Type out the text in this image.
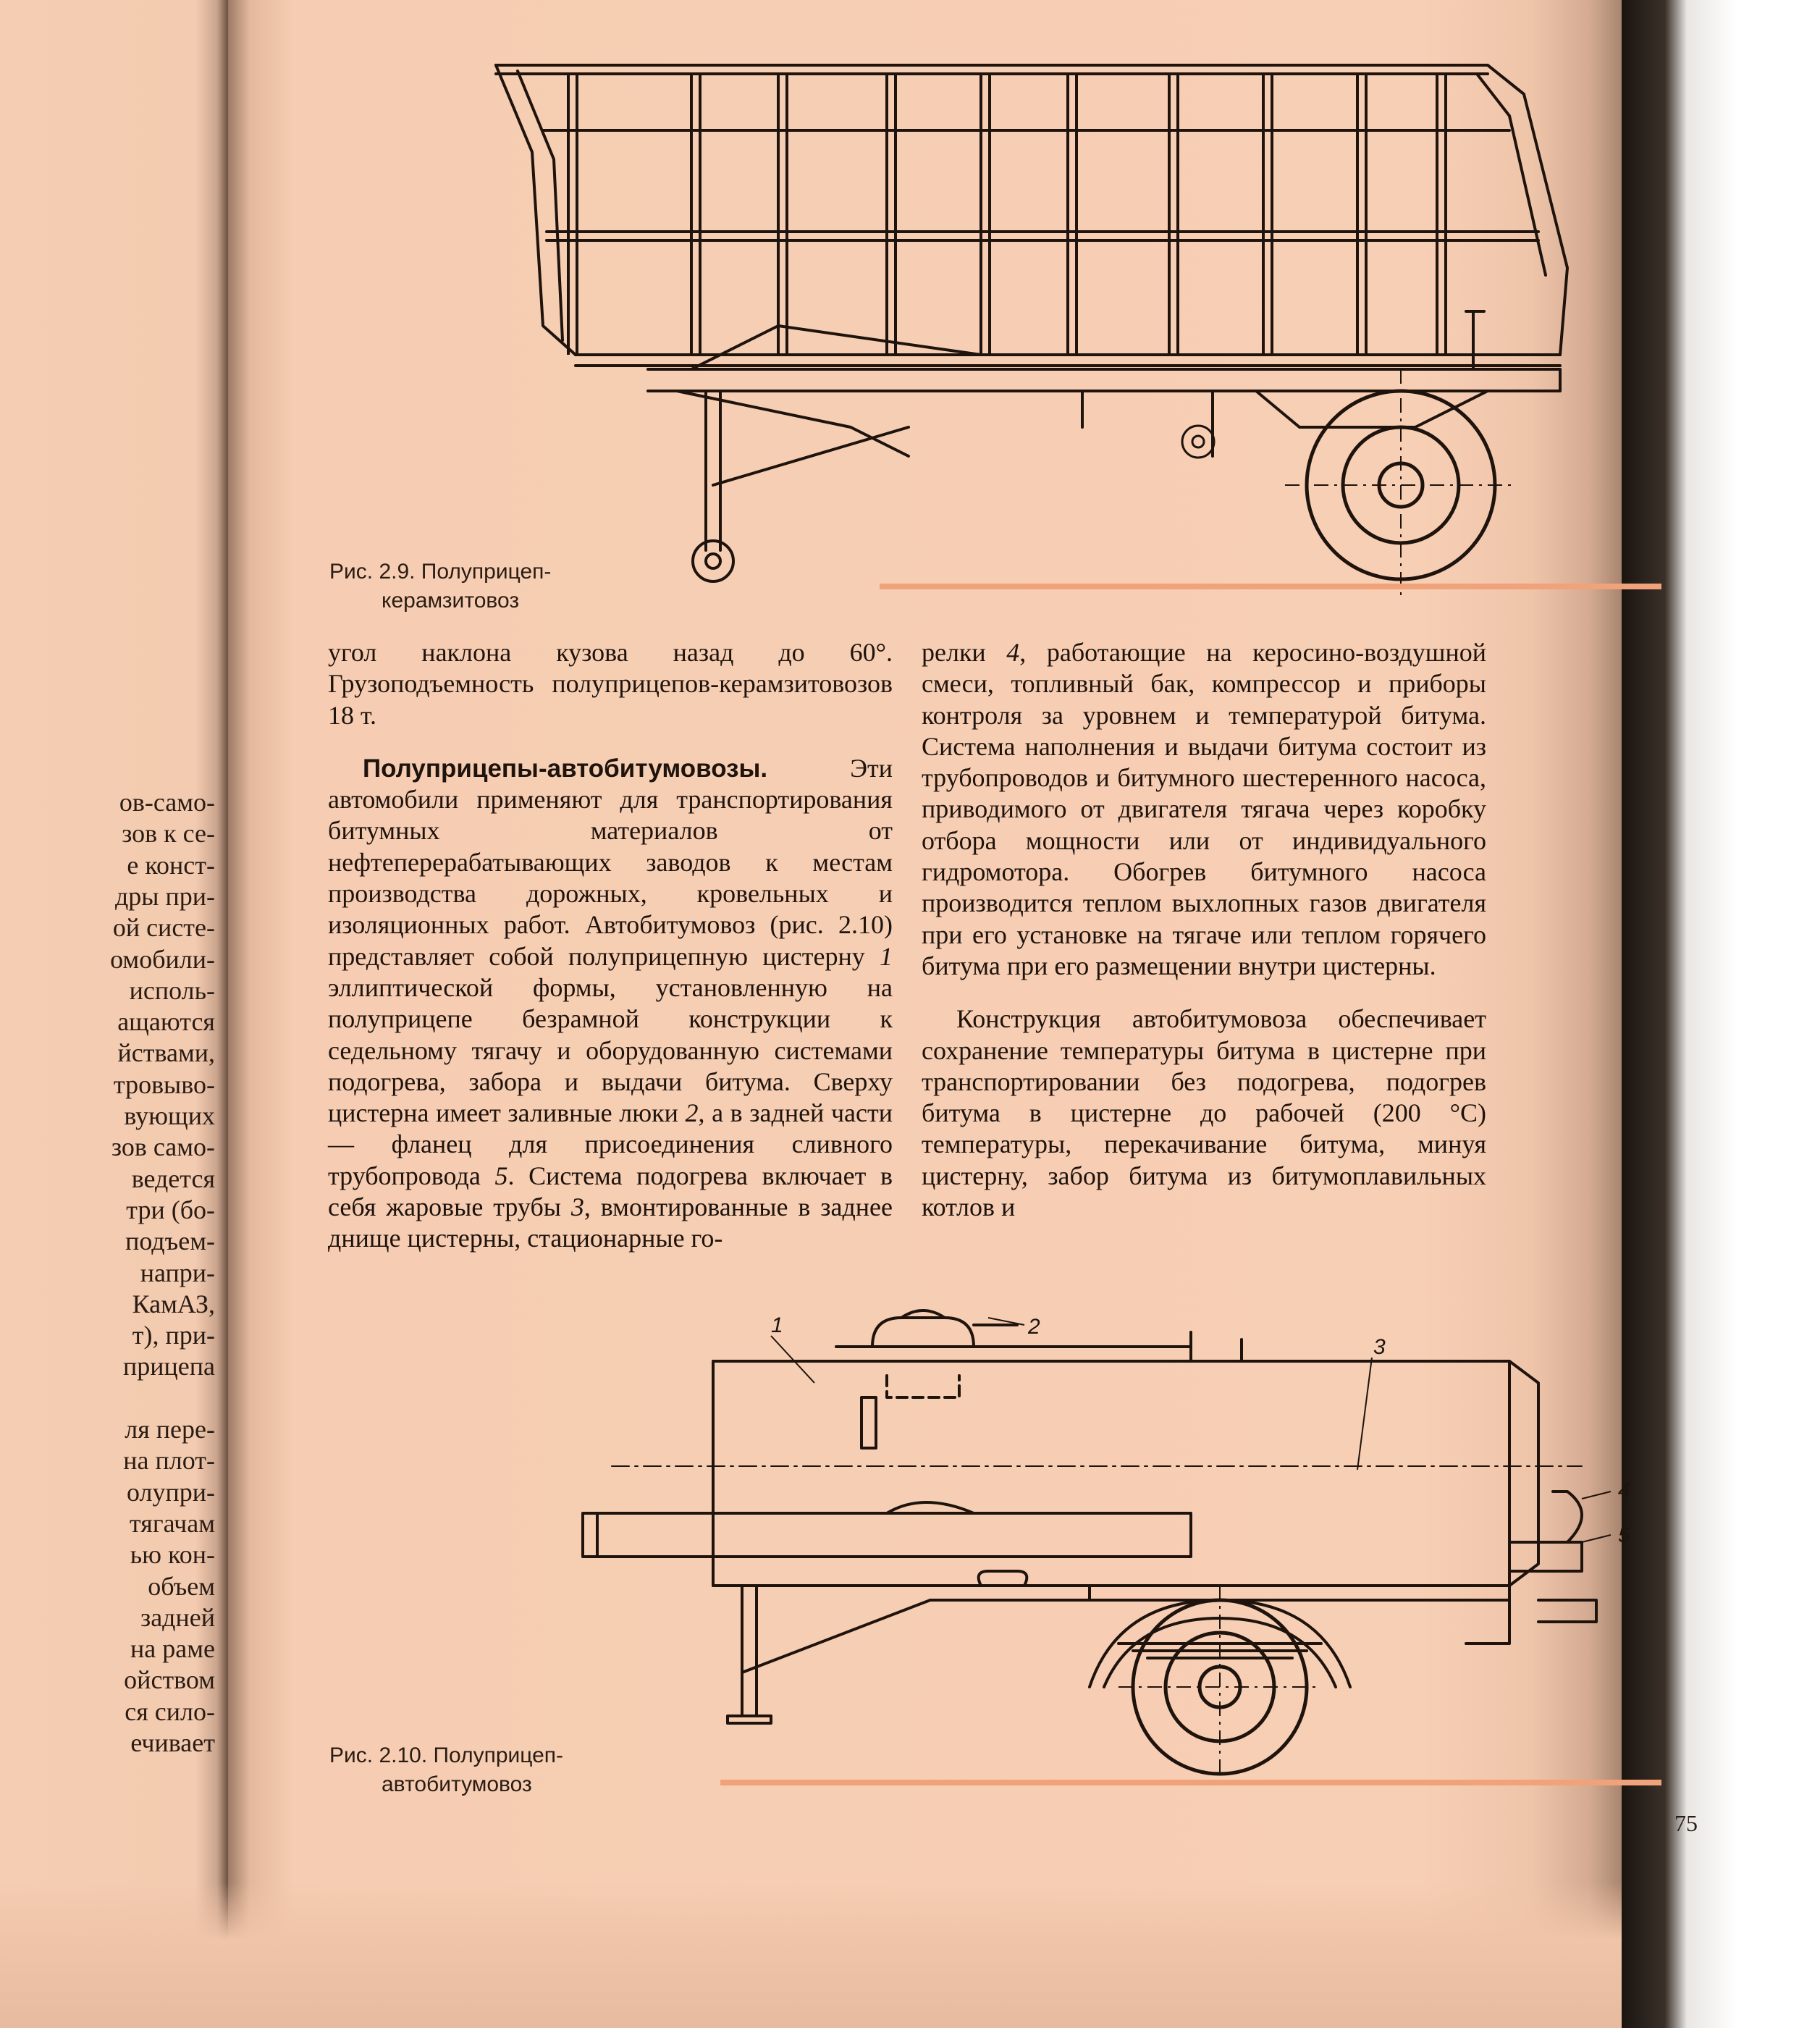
ов-само-
зов к се-
е конст-
дры при-
ой систе-
омобили-
исполь-
ащаются
йствами,
тровыво-
вующих
зов само-
ведется
три (бо-
подъем-
напри-
КамАЗ,
т), при-
прицепа
ля пере-
на плот-
олупри-
тягачам
ью кон-
объем
задней
на раме
ойством
ся сило-
ечивает
Рис. 2.9. Полуприцеп-
керамзитовоз

угол наклона кузова назад до 60°. Грузоподъемность полуприцепов-керамзитовозов 18 т.

Полуприцепы-автобитумовозы. Эти автомобили применяют для транспортирования битумных материалов от нефтеперерабатывающих заводов к местам производства дорожных, кровельных и изоляционных работ. Автобитумовоз (рис. 2.10) представляет собой полуприцепную цистерну 1 эллиптической формы, установленную на полуприцепе безрамной конструкции к седельному тягачу и оборудованную системами подогрева, забора и выдачи битума. Сверху цистерна имеет заливные люки 2, а в задней части — фланец для присоединения сливного трубопровода 5. Система подогрева включает в себя жаровые трубы 3, вмонтированные в заднее днище цистерны, стационарные го-

релки 4, работающие на керосино-воздушной смеси, топливный бак, компрессор и приборы контроля за уровнем и температурой битума. Система наполнения и выдачи битума состоит из трубопроводов и битумного шестеренного насоса, приводимого от двигателя тягача через коробку отбора мощности или от индивидуального гидромотора. Обогрев битумного насоса производится теплом выхлопных газов двигателя при его установке на тягаче или теплом горячего битума при его размещении внутри цистерны.

Конструкция автобитумовоза обеспечивает сохранение температуры битума в цистерне при транспортировании без подогрева, подогрев битума в цистерне до рабочей (200 °С) температуры, перекачивание битума, минуя цистерну, забор битума из битумоплавильных котлов и

1	2
3
4
5
Рис. 2.10. Полуприцеп-
автобитумовоз
75
